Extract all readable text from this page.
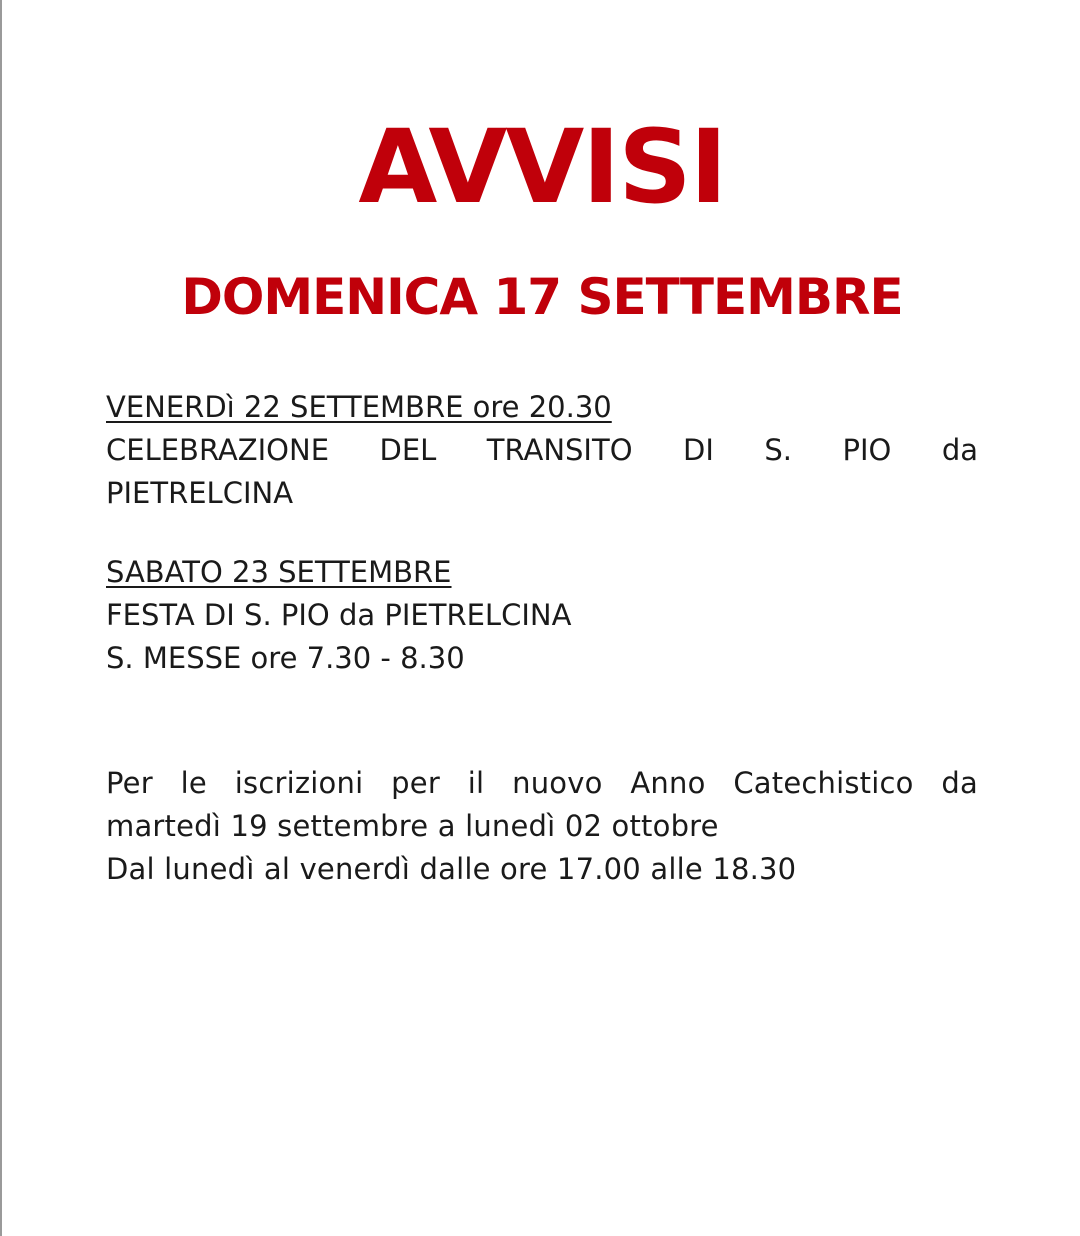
AVVISI
DOMENICA 17 SETTEMBRE
VENERDì 22 SETTEMBRE ore 20.30
CELEBRAZIONE DEL TRANSITO DI S. PIO da
PIETRELCINA
SABATO 23 SETTEMBRE
FESTA DI S. PIO da PIETRELCINA
S. MESSE ore 7.30 - 8.30
Per le iscrizioni per il nuovo Anno Catechistico da
martedì 19 settembre a lunedì 02 ottobre
Dal lunedì al venerdì dalle ore 17.00 alle 18.30
